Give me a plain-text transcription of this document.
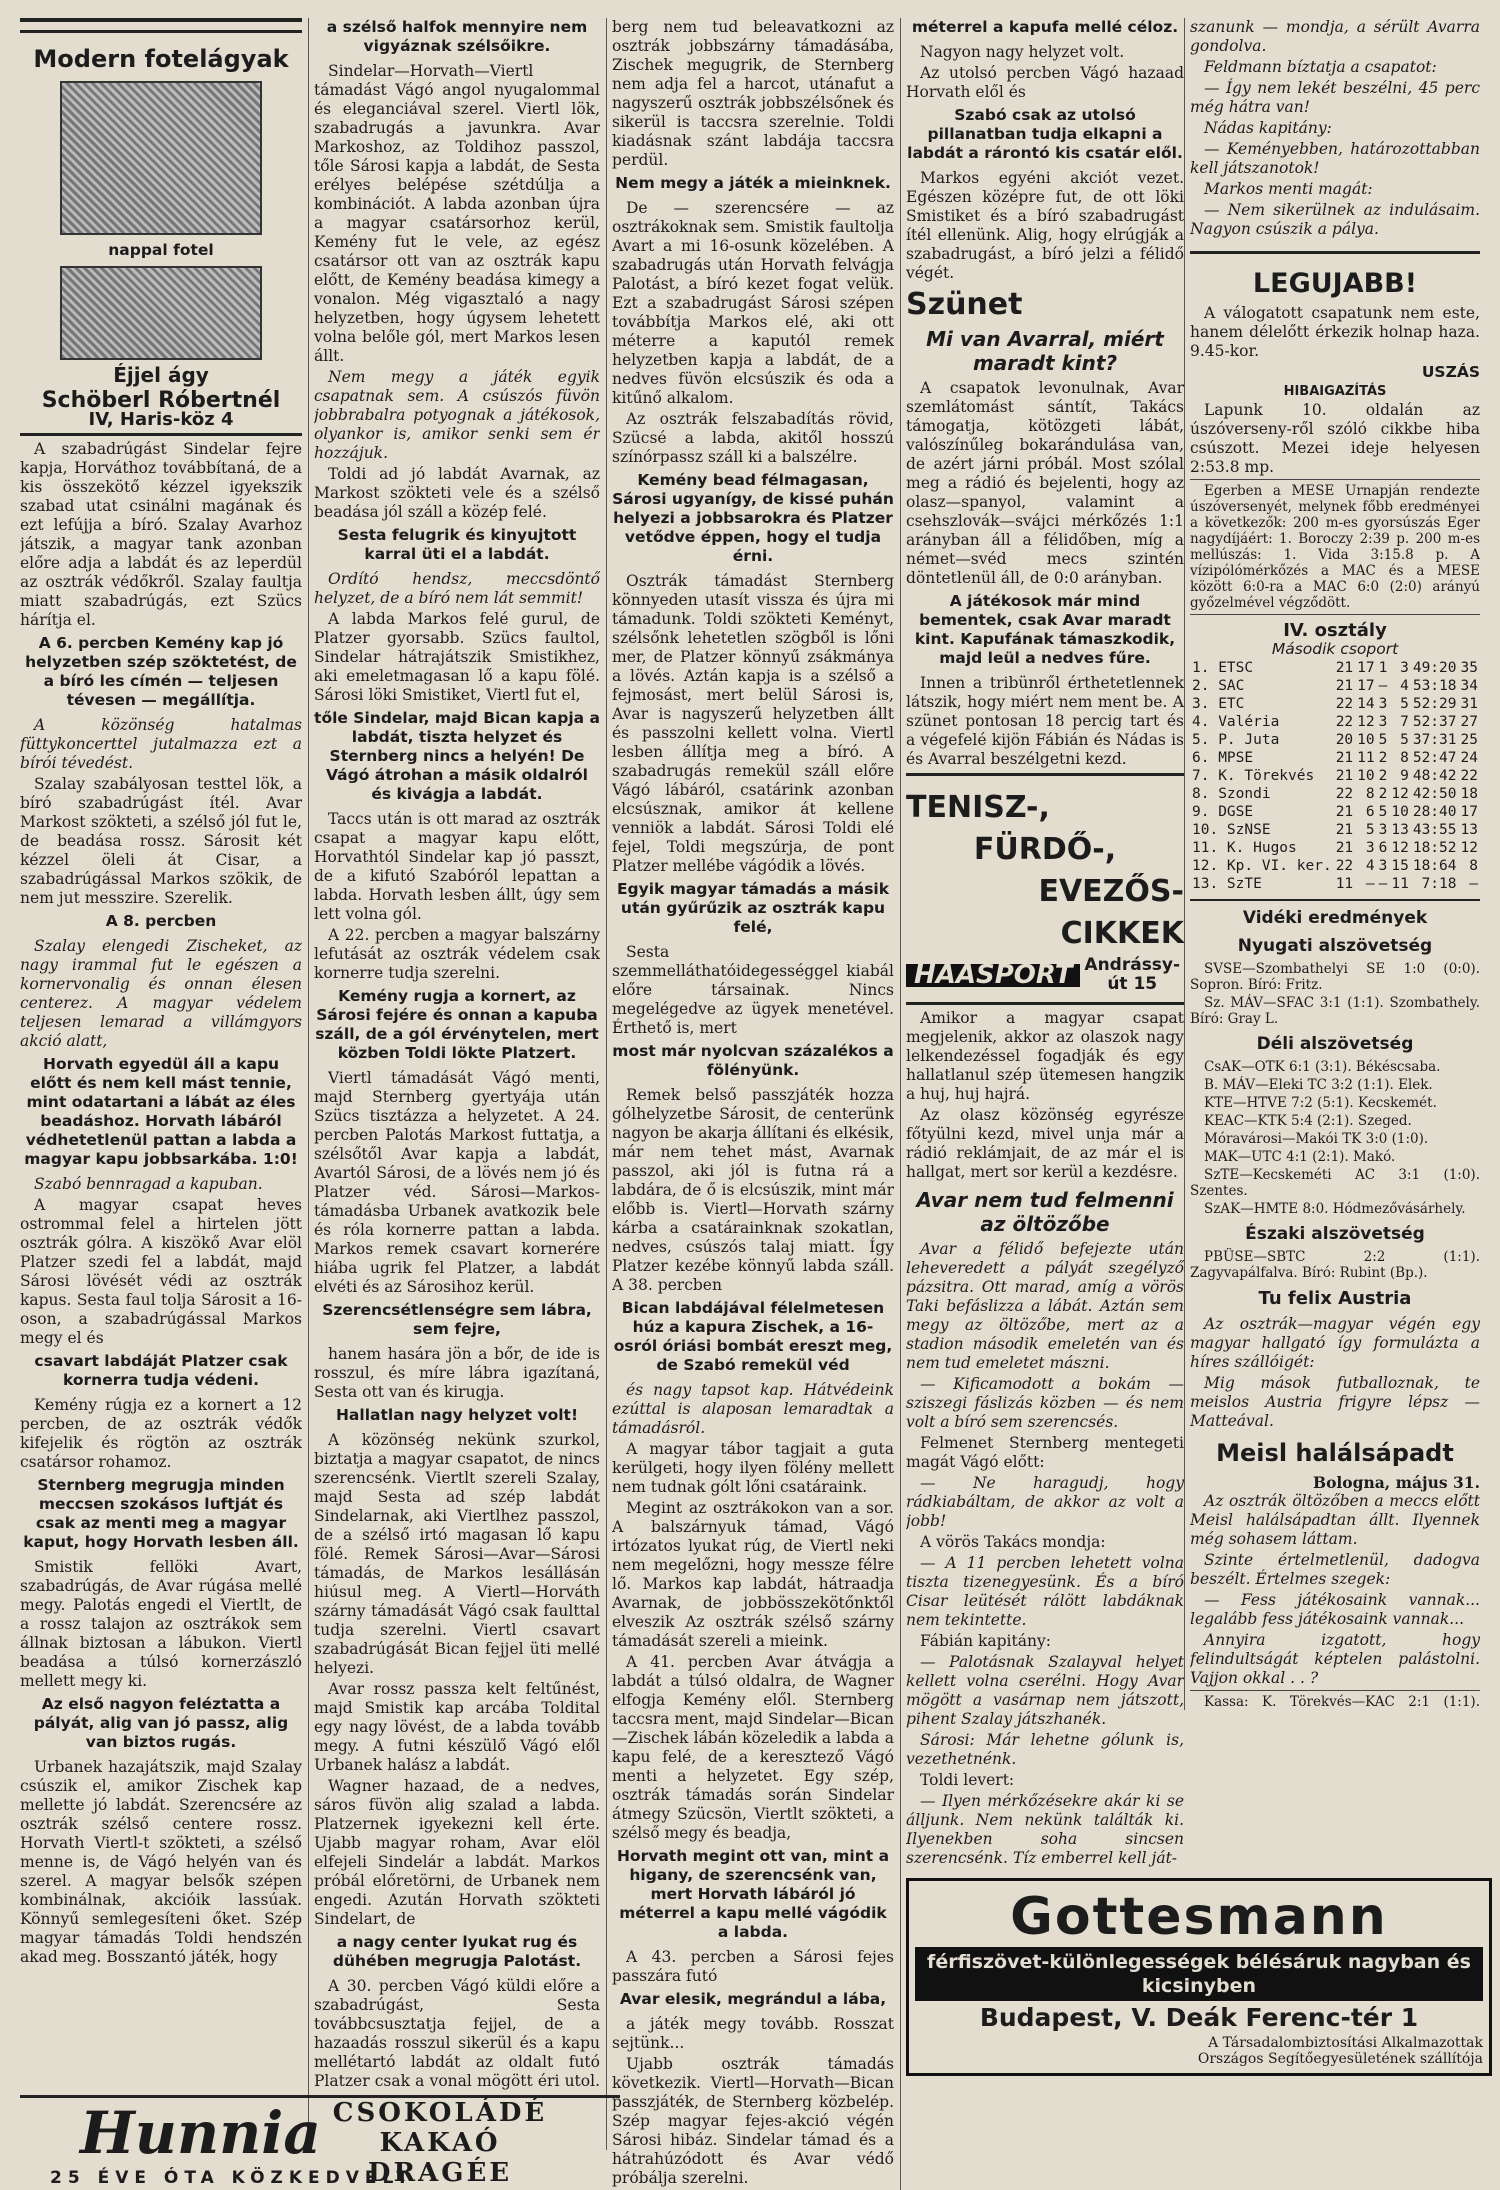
Modern fotelágyak
nappal fotel
Éjjel ágy
Schöberl Róbertnél
IV, Haris-köz 4

A szabadrúgást Sindelar fejre kapja, Horváthoz továbbítaná, de a kis összekötő kézzel igyekszik szabad utat csinálni magának és ezt lefújja a bíró. Szalay Avarhoz játszik, a magyar tank azonban előre adja a labdát és az leperdül az osztrák védőkről. Szalay faultja miatt szabadrúgás, ezt Szücs hárítja el.

A 6. percben Kemény kap jó helyzetben szép szöktetést, de a bíró les címén — teljesen tévesen — megállítja.

A közönség hatalmas füttykoncerttel jutalmazza ezt a bírói tévedést.

Szalay szabályosan testtel lök, a bíró szabadrúgást ítél. Avar Markost szökteti, a szélső jól fut le, de beadása rossz. Sárosit két kézzel öleli át Cisar, a szabadrúgással Markos szökik, de nem jut messzire. Szerelik.

A 8. percben

Szalay elengedi Zischeket, az nagy irammal fut le egészen a kornervonalig és onnan élesen centerez. A magyar védelem teljesen lemarad a villámgyors akció alatt,

Horvath egyedül áll a kapu előtt és nem kell mást tennie, mint odatartani a lábát az éles beadáshoz. Horvath lábáról védhetetlenül pattan a labda a magyar kapu jobbsarkába. 1:0!

Szabó bennragad a kapuban.

A magyar csapat heves ostrommal felel a hirtelen jött osztrák gólra. A kiszökő Avar elöl Platzer szedi fel a labdát, majd Sárosi lövését védi az osztrák kapus. Sesta faul tolja Sárosit a 16-oson, a szabadrúgással Markos megy el és

csavart labdáját Platzer csak kornerra tudja védeni.

Kemény rúgja ez a kornert a 12 percben, de az osztrák védők kifejelik és rögtön az osztrák csatársor rohamoz.

Sternberg megrugja minden meccsen szokásos luftját és csak az menti meg a magyar kaput, hogy Horvath lesben áll.

Smistik fellöki Avart, szabadrúgás, de Avar rúgása mellé megy. Palotás engedi el Viertlt, de a rossz talajon az osztrákok sem állnak biztosan a lábukon. Viertl beadása a túlsó kornerzászló mellett megy ki.

Az első nagyon feléztatta a pályát, alig van jó passz, alig van biztos rugás.

Urbanek hazajátszik, majd Szalay csúszik el, amikor Zischek kap mellette jó labdát. Szerencsére az osztrák szélső centere rossz. Horvath Viertl-t szökteti, a szélső menne is, de Vágó helyén van és szerel. A magyar belsők szépen kombinálnak, akcióik lassúak. Könnyű semlegesíteni őket. Szép magyar támadás Toldi hendszén akad meg. Bosszantó játék, hogy

a szélső halfok mennyire nem vigyáznak szélsőikre.

Sindelar—Horvath—Viertl támadást Vágó angol nyugalommal és eleganciával szerel. Viertl lök, szabadrugás a javunkra. Avar Markoshoz, az Toldihoz passzol, tőle Sárosi kapja a labdát, de Sesta erélyes belépése szétdúlja a kombinációt. A labda azonban újra a magyar csatársorhoz kerül, Kemény fut le vele, az egész csatársor ott van az osztrák kapu előtt, de Kemény beadása kimegy a vonalon. Még vigasztaló a nagy helyzetben, hogy úgysem lehetett volna belőle gól, mert Markos lesen állt.

Nem megy a játék egyik csapatnak sem. A csúszós füvön jobbrabalra potyognak a játékosok, olyankor is, amikor senki sem ér hozzájuk.

Toldi ad jó labdát Avarnak, az Markost szökteti vele és a szélső beadása jól száll a közép felé.

Sesta felugrik és kinyujtott karral üti el a labdát.

Ordító hendsz, meccsdöntő helyzet, de a bíró nem lát semmit!

A labda Markos felé gurul, de Platzer gyorsabb. Szücs faultol, Sindelar hátrajátszik Smistikhez, aki emeletmagasan lő a kapu fölé. Sárosi löki Smistiket, Viertl fut el,

tőle Sindelar, majd Bican kapja a labdát, tiszta helyzet és Sternberg nincs a helyén! De Vágó átrohan a másik oldalról és kivágja a labdát.

Taccs után is ott marad az osztrák csapat a magyar kapu előtt, Horvathtól Sindelar kap jó passzt, de a kifutó Szabóról lepattan a labda. Horvath lesben állt, úgy sem lett volna gól.

A 22. percben a magyar balszárny lefutását az osztrák védelem csak kornerre tudja szerelni.

Kemény rugja a kornert, az Sárosi fejére és onnan a kapuba száll, de a gól érvénytelen, mert közben Toldi lökte Platzert.

Viertl támadását Vágó menti, majd Sternberg gyertyája után Szücs tisztázza a helyzetet. A 24. percben Palotás Markost futtatja, a szélsőtől Avar kapja a labdát, Avartól Sárosi, de a lövés nem jó és Platzer véd. Sárosi—Markos-támadásba Urbanek avatkozik bele és róla kornerre pattan a labda. Markos remek csavart kornerére hiába ugrik fel Platzer, a labdát elvéti és az Sárosihoz kerül.

Szerencsétlenségre sem lábra, sem fejre,

hanem hasára jön a bőr, de ide is rosszul, és míre lábra igazítaná, Sesta ott van és kirugja.

Hallatlan nagy helyzet volt!

A közönség nekünk szurkol, biztatja a magyar csapatot, de nincs szerencsénk. Viertlt szereli Szalay, majd Sesta ad szép labdát Sindelarnak, aki Viertlhez passzol, de a szélső irtó magasan lő kapu fölé. Remek Sárosi—Avar—Sárosi támadás, de Markos lesállásán hiúsul meg. A Viertl—Horváth szárny támadását Vágó csak faulttal tudja szerelni. Viertl csavart szabadrúgását Bican fejjel üti mellé helyezi.

Avar rossz passza kelt feltűnést, majd Smistik kap arcába Toldital egy nagy lövést, de a labda tovább megy. A futni készülő Vágó elől Urbanek halász a labdát.

Wagner hazaad, de a nedves, sáros füvön alig szalad a labda. Platzernek igyekezni kell érte. Ujabb magyar roham, Avar elöl elfejeli Sindelár a labdát. Markos próbál előretörni, de Urbanek nem engedi. Azután Horvath szökteti Sindelart, de

a nagy center lyukat rug és dühében megrugja Palotást.

A 30. percben Vágó küldi előre a szabadrúgást, Sesta továbbcsusztatja fejjel, de a hazaadás rosszul sikerül és a kapu mellétartó labdát az oldalt futó Platzer csak a vonal mögött éri utol.

berg nem tud beleavatkozni az osztrák jobbszárny támadásába, Zischek megugrik, de Sternberg nem adja fel a harcot, utánafut a nagyszerű osztrák jobbszélsőnek és sikerül is taccsra szerelnie. Toldi kiadásnak szánt labdája taccsra perdül.

Nem megy a játék a mieinknek.

De — szerencsére — az osztrákoknak sem. Smistik faultolja Avart a mi 16-osunk közelében. A szabadrugás után Horvath felvágja Palotást, a bíró kezet fogat velük. Ezt a szabadrugást Sárosi szépen továbbítja Markos elé, aki ott méterre a kaputól remek helyzetben kapja a labdát, de a nedves füvön elcsúszik és oda a kitűnő alkalom.

Az osztrák felszabadítás rövid, Szücsé a labda, akitől hosszú színórpassz száll ki a balszélre.

Kemény bead félmagasan, Sárosi ugyanígy, de kissé puhán helyezi a jobbsarokra és Platzer vetődve éppen, hogy el tudja érni.

Osztrák támadást Sternberg könnyeden utasít vissza és újra mi támadunk. Toldi szökteti Keményt, szélsőnk lehetetlen szögből is lőni mer, de Platzer könnyű zsákmánya a lövés. Aztán kapja is a szélső a fejmosást, mert belül Sárosi is, Avar is nagyszerű helyzetben állt és passzolni kellett volna. Viertl lesben állítja meg a bíró. A szabadrugás remekül száll előre Vágó lábáról, csatárink azonban elcsúsznak, amikor át kellene venniök a labdát. Sárosi Toldi elé fejel, Toldi megszúrja, de pont Platzer mellébe vágódik a lövés.

Egyik magyar támadás a másik után gyűrűzik az osztrák kapu felé,

Sesta szemmelláthatóidegességgel kiabál előre társainak. Nincs megelégedve az ügyek menetével. Érthető is, mert

most már nyolcvan százalékos a fölényünk.

Remek belső passzjáték hozza gólhelyzetbe Sárosit, de centerünk nagyon be akarja állítani és elkésik, már nem tehet mást, Avarnak passzol, aki jól is futna rá a labdára, de ő is elcsúszik, mint már előbb is. Viertl—Horvath szárny kárba a csatárainknak szokatlan, nedves, csúszós talaj miatt. Így Platzer kezébe könnyű labda száll. A 38. percben

Bican labdájával félelmetesen húz a kapura Zischek, a 16-osról óriási bombát ereszt meg, de Szabó remekül véd

és nagy tapsot kap. Hátvédeink ezúttal is alaposan lemaradtak a támadásról.

A magyar tábor tagjait a guta kerülgeti, hogy ilyen fölény mellett nem tudnak gólt lőni csatáraink.

Megint az osztrákokon van a sor. A balszárnyuk támad, Vágó irtózatos lyukat rúg, de Viertl neki nem megelőzni, hogy messze félre lő. Markos kap labdát, hátraadja Avarnak, de jobbösszekötőnktől elveszik Az osztrák szélső szárny támadását szereli a mieink.

A 41. percben Avar átvágja a labdát a túlsó oldalra, de Wagner elfogja Kemény elől. Sternberg taccsra ment, majd Sindelar—Bican—Zischek lábán közeledik a labda a kapu felé, de a keresztező Vágó menti a helyzetet. Egy szép, osztrák támadás során Sindelar átmegy Szücsön, Viertlt szökteti, a szélső megy és beadja,

Horvath megint ott van, mint a higany, de szerencsénk van, mert Horvath lábáról jó méterrel a kapu mellé vágódik a labda.

A 43. percben a Sárosi fejes passzára futó

Avar elesik, megrándul a lába,

a játék megy tovább. Rosszat sejtünk...

Ujabb osztrák támadás következik. Viertl—Horvath—Bican passzjáték, de Sternberg közbelép. Szép magyar fejes-akció végén Sárosi hibáz. Sindelar támad és a hátrahúzódott és Avar védő próbálja szerelni.

méterrel a kapufa mellé céloz.

Nagyon nagy helyzet volt.

Az utolsó percben Vágó hazaad Horvath elől és

Szabó csak az utolsó pillanatban tudja elkapni a labdát a rárontó kis csatár elől.

Markos egyéni akciót vezet. Egészen középre fut, de ott löki Smistiket és a bíró szabadrugást ítél ellenünk. Alig, hogy elrúgják a szabadrugást, a bíró jelzi a félidő végét.

Szünet
Mi van Avarral, miért maradt kint?

A csapatok levonulnak, Avar szemlátomást sántít, Takács támogatja, kötözgeti lábát, valószínűleg bokarándulása van, de azért járni próbál. Most szólal meg a rádió és bejelenti, hogy az olasz—spanyol, valamint a csehszlovák—svájci mérkőzés 1:1 arányban áll a félidőben, míg a német—svéd mecs szintén döntetlenül áll, de 0:0 arányban.

A játékosok már mind bementek, csak Avar maradt kint. Kapufának támaszkodik, majd leül a nedves fűre.

Innen a tribünről érthetetlennek látszik, hogy miért nem ment be. A szünet pontosan 18 percig tart és a végefelé kijön Fábián és Nádas is és Avarral beszélgetni kezd.

TENISZ-,
FÜRDŐ-,
EVEZŐS-
CIKKEK
HAASPORT Andrássy-út 15

Amikor a magyar csapat megjelenik, akkor az olaszok nagy lelkendezéssel fogadják és egy hallatlanul szép ütemesen hangzik a huj, huj hajrá.

Az olasz közönség egyrésze főtyülni kezd, mivel unja már a rádió reklámjait, de az már el is hallgat, mert sor kerül a kezdésre.

Avar nem tud felmenni az öltözőbe

Avar a félidő befejezte után leheveredett a pályát szegélyző pázsitra. Ott marad, amíg a vörös Taki befáslizza a lábát. Aztán sem megy az öltözőbe, mert az a stadion második emeletén van és nem tud emeletet mászni.

— Kificamodott a bokám — sziszegi fáslizás közben — és nem volt a bíró sem szerencsés.

Felmenet Sternberg mentegeti magát Vágó előtt:

— Ne haragudj, hogy rádkiabáltam, de akkor az volt a jobb!

A vörös Takács mondja:

— A 11 percben lehetett volna tiszta tizenegyesünk. És a bíró Cisar leütését rálött labdáknak nem tekintette.

Fábián kapitány:

— Palotásnak Szalayval helyet kellett volna cserélni. Hogy Avar mögött a vasárnap nem játszott, pihent Szalay játszhanék.

Sárosi: Már lehetne gólunk is, vezethetnénk.

Toldi levert:

— Ilyen mérkőzésekre akár ki se álljunk. Nem nekünk találták ki. Ilyenekben soha sincsen szerencsénk. Tíz emberrel kell ját-

szanunk — mondja, a sérült Avarra gondolva.

Feldmann bíztatja a csapatot:

— Így nem lekét beszélni, 45 perc még hátra van!

Nádas kapitány:

— Keményebben, határozottabban kell játszanotok!

Markos menti magát:

— Nem sikerülnek az indulásaim. Nagyon csúszik a pálya.

LEGUJABB!

A válogatott csapatunk nem este, hanem délelőtt érkezik holnap haza. 9.45-kor.

USZÁS
HIBAIGAZÍTÁS

Lapunk 10. oldalán az úszóverseny-ről szóló cikkbe hiba csúszott. Mezei ideje helyesen 2:53.8 mp.

Egerben a MESE Urnapján rendezte úszóversenyét, melynek főbb eredményei a következők: 200 m-es gyorsúszás Eger nagydíjáért: 1. Boroczy 2:39 p. 200 m-es mellúszás: 1. Vida 3:15.8 p. A vízipólómérkőzés a MAC és a MESE között 6:0-ra a MAC 6:0 (2:0) arányú győzelmével végződött.

IV. osztály
Második csoport
1. ETSC	21	17	1	3	49:20	35
2. SAC	21	17	—	4	53:18	34
3. ETC	22	14	3	5	52:29	31
4. Valéria	22	12	3	7	52:37	27
5. P. Juta	20	10	5	5	37:31	25
6. MPSE	21	11	2	8	52:47	24
7. K. Törekvés	21	10	2	9	48:42	22
8. Szondi	22	8	2	12	42:50	18
9. DGSE	21	6	5	10	28:40	17
10. SzNSE	21	5	3	13	43:55	13
11. K. Hugos	21	3	6	12	18:52	12
12. Kp. VI. ker.	22	4	3	15	18:64	8
13. SzTE	11	—	—	11	7:18	—
Vidéki eredmények
Nyugati alszövetség

SVSE—Szombathelyi SE 1:0 (0:0). Sopron. Bíró: Fritz.

Sz. MÁV—SFAC 3:1 (1:1). Szombathely. Bíró: Gray L.

Déli alszövetség

CsAK—OTK 6:1 (3:1). Békéscsaba.

B. MÁV—Eleki TC 3:2 (1:1). Elek.

KTE—HTVE 7:2 (5:1). Kecskemét.

KEAC—KTK 5:4 (2:1). Szeged.

Móravárosi—Makói TK 3:0 (1:0).

MAK—UTC 4:1 (2:1). Makó.

SzTE—Kecskeméti AC 3:1 (1:0). Szentes.

SzAK—HMTE 8:0. Hódmezővásárhely.

Északi alszövetség

PBÜSE—SBTC 2:2 (1:1). Zagyvapálfalva. Bíró: Rubint (Bp.).

Tu felix Austria

Az osztrák—magyar végén egy magyar hallgató így formulázta a híres szállóigét:

Mig mások futballoznak, te meislos Austria frigyre lépsz — Matteával.

Meisl halálsápadt
Bologna, május 31.

Az osztrák öltözőben a meccs előtt Meisl halálsápadtan állt. Ilyennek még sohasem láttam.

Szinte értelmetlenül, dadogva beszélt. Értelmes szegek:

— Fess játékosaink vannak... legalább fess játékosaink vannak...

Annyira izgatott, hogy felindultságát képtelen palástolni. Vajjon okkal . . ?

Kassa: K. Törekvés—KAC 2:1 (1:1).

Gottesmann
férfiszövet-különlegességek bélésáruk nagyban és kicsinyben
Budapest, V. Deák Ferenc-tér 1
A Társadalombiztosítási Alkalmazottak
Országos Segítőegyesületének szállítója
Hunnia CSOKOLÁDÉ
KAKAÓ
DRAGÉE
25 ÉVE ÓTA KÖZKEDVELT
